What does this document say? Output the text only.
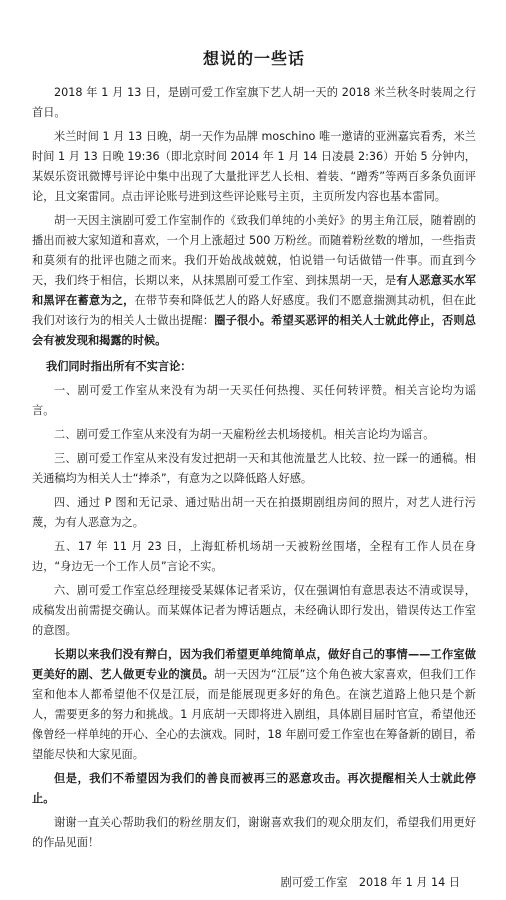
想说的一些话

2018 年 1 月 13 日，是剧可爱工作室旗下艺人胡一天的 2018 米兰秋冬时装周之行首日。

米兰时间 1 月 13 日晚，胡一天作为品牌 moschino 唯一邀请的亚洲嘉宾看秀，米兰时间 1 月 13 日晚 19:36（即北京时间 2014 年 1 月 14 日凌晨 2:36）开始 5 分钟内，某娱乐资讯微博号评论中集中出现了大量批评艺人长相、着装、“蹭秀”等两百多条负面评论，且文案雷同。点击评论账号进到这些评论账号主页，主页所发内容也基本雷同。

胡一天因主演剧可爱工作室制作的《致我们单纯的小美好》的男主角江辰，随着剧的播出而被大家知道和喜欢，一个月上涨超过 500 万粉丝。而随着粉丝数的增加，一些指责和莫须有的批评也随之而来。我们开始战战兢兢，怕说错一句话做错一件事。而直到今天，我们终于相信，长期以来，从抹黑剧可爱工作室、到抹黑胡一天，是有人恶意买水军和黑评在蓄意为之，在带节奏和降低艺人的路人好感度。我们不愿意揣测其动机，但在此我们对该行为的相关人士做出提醒：圈子很小。希望买恶评的相关人士就此停止，否则总会有被发现和揭露的时候。

我们同时指出所有不实言论：

一、剧可爱工作室从来没有为胡一天买任何热搜、买任何转评赞。相关言论均为谣言。

二、剧可爱工作室从来没有为胡一天雇粉丝去机场接机。相关言论均为谣言。

三、剧可爱工作室从来没有发过把胡一天和其他流量艺人比较、拉一踩一的通稿。相关通稿均为相关人士“捧杀”，有意为之以降低路人好感。

四、通过 P 图和无记录、通过贴出胡一天在拍摄期剧组房间的照片，对艺人进行污蔑，为有人恶意为之。

五、17 年 11 月 23 日，上海虹桥机场胡一天被粉丝围堵，全程有工作人员在身边，“身边无一个工作人员”言论不实。

六、剧可爱工作室总经理接受某媒体记者采访，仅在强调怕有意思表达不清或误导，成稿发出前需提交确认。而某媒体记者为博话题点，未经确认即行发出，错误传达工作室的意图。

长期以来我们没有辩白，因为我们希望更单纯简单点，做好自己的事情——工作室做更美好的剧、艺人做更专业的演员。胡一天因为“江辰”这个角色被大家喜欢，但我们工作室和他本人都希望他不仅是江辰，而是能展现更多好的角色。在演艺道路上他只是个新人，需要更多的努力和挑战。1 月底胡一天即将进入剧组，具体剧目届时官宣，希望他还像曾经一样单纯的开心、全心的去演戏。同时，18 年剧可爱工作室也在筹备新的剧目，希望能尽快和大家见面。

但是，我们不希望因为我们的善良而被再三的恶意攻击。再次提醒相关人士就此停止。

谢谢一直关心帮助我们的粉丝朋友们，谢谢喜欢我们的观众朋友们，希望我们用更好的作品见面！

剧可爱工作室　2018 年 1 月 14 日
